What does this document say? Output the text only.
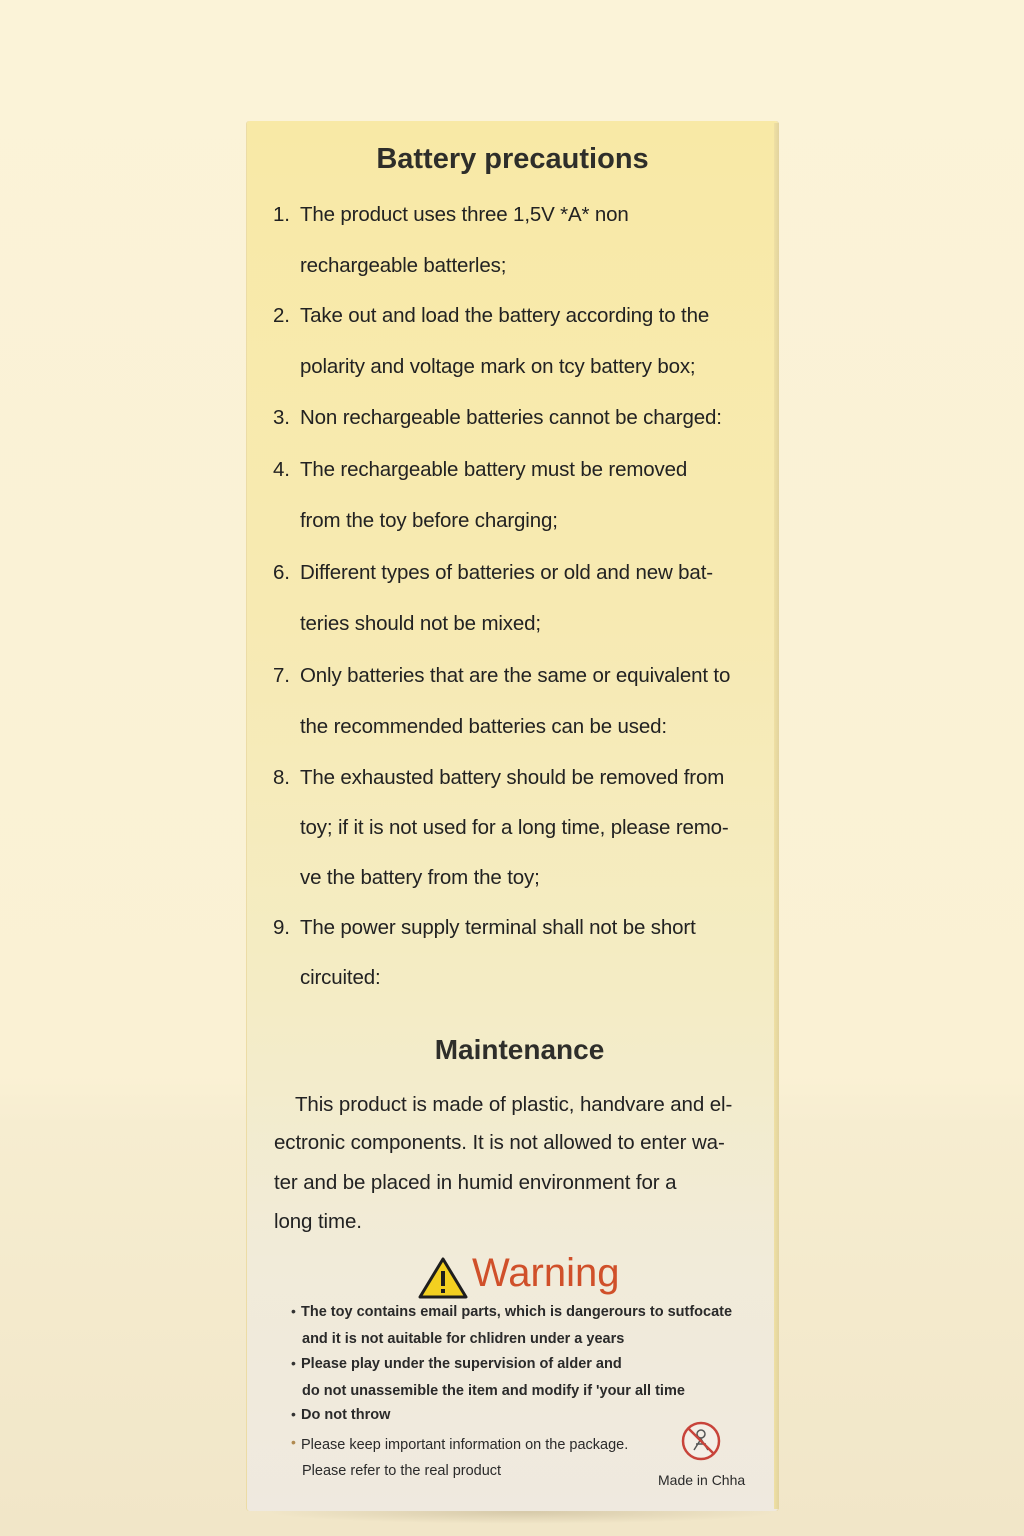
Battery precautions
1. The product uses three 1,5V *A* non
rechargeable batterles;
2. Take out and load the battery according to the
polarity and voltage mark on tcy battery box;
3. Non rechargeable batteries cannot be charged:
4. The rechargeable battery must be removed
from the toy before charging;
6. Different types of batteries or old and new bat-
teries should not be mixed;
7. Only batteries that are the same or equivalent to
the recommended batteries can be used:
8. The exhausted battery should be removed from
toy; if it is not used for a long time, please remo-
ve the battery from the toy;
9. The power supply terminal shall not be short
circuited:
Maintenance
This product is made of plastic, handvare and el-
ectronic components. It is not allowed to enter wa-
ter and be placed in humid environment for a
long time.
Warning
• The toy contains email parts, which is dangerours to sutfocate
and it is not auitable for chlidren under a years
• Please play under the supervision of alder and
do not unassemible the item and modify if 'your all time
• Do not throw
• Please keep important information on the package.
Please refer to the real product
Made in Chha
